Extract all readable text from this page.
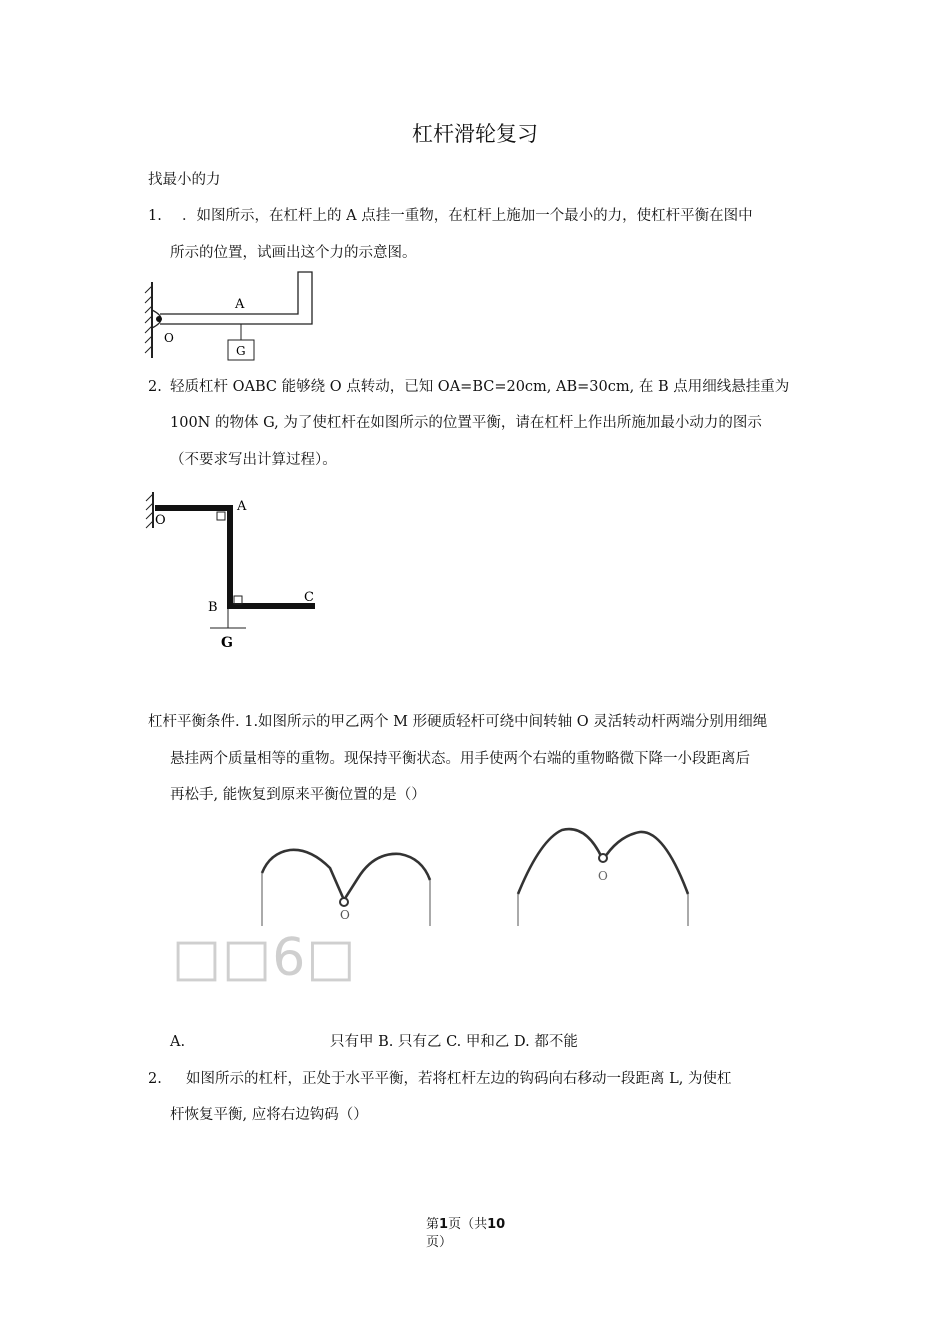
杠杆滑轮复习
找最小的力
1.	．如图所示，在杠杆上的 A 点挂一重物，在杠杆上施加一个最小的力，使杠杆平衡在图中
所示的位置，试画出这个力的示意图。
A
O
G
2. 轻质杠杆 OABC 能够绕 O 点转动，已知 OA=BC=20cm, AB=30cm, 在 B 点用细线悬挂重为
100N 的物体 G, 为了使杠杆在如图所示的位置平衡，请在杠杆上作出所施加最小动力的图示
（不要求写出计算过程）。
O
A
B
C
G
杠杆平衡条件. 1.如图所示的甲乙两个 M 形硬质轻杆可绕中间转轴 O 灵活转动杆两端分别用细绳
悬挂两个质量相等的重物。现保持平衡状态。用手使两个右端的重物略微下降一小段距离后
再松手, 能恢复到原来平衡位置的是（）
O
O
□□6□
A.	只有甲 B. 只有乙 C. 甲和乙 D. 都不能
2.	如图所示的杠杆，正处于水平平衡，若将杠杆左边的钩码向右移动一段距离 L, 为使杠
杆恢复平衡, 应将右边钩码（）
第1页（共10
页）
